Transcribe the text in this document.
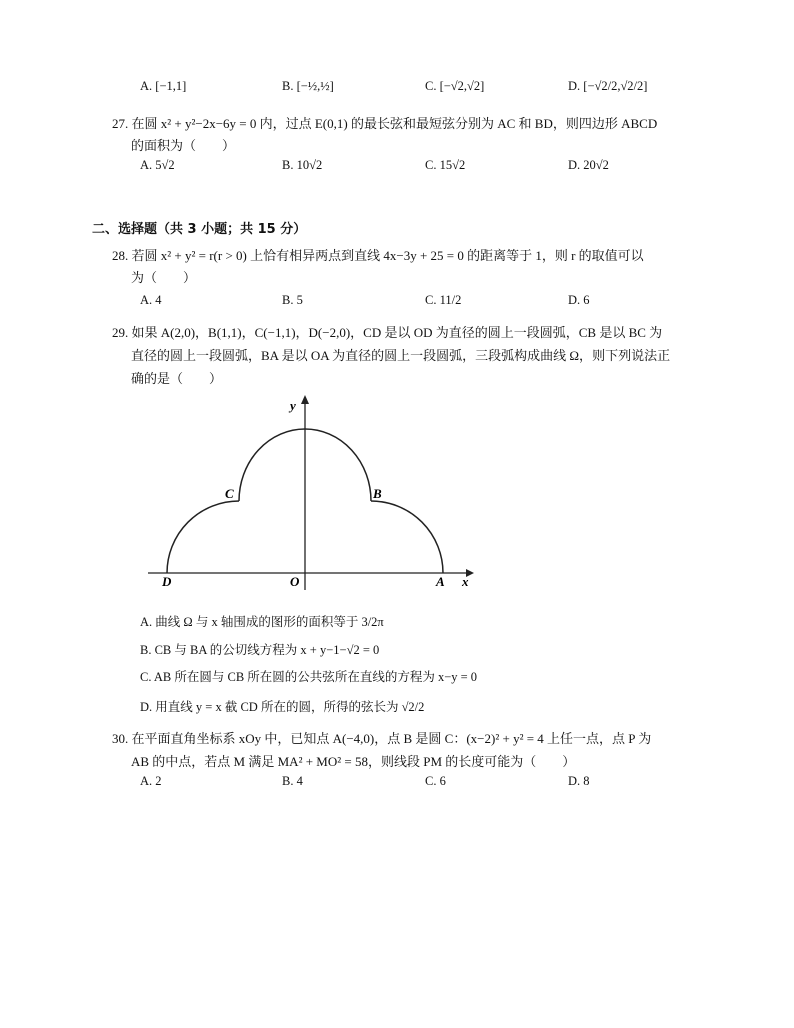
A. [−1,1]	B. [−½,½]	C. [−√2,√2]	D. [−√2/2,√2/2]
27. 在圆 x² + y²−2x−6y = 0 内，过点 E(0,1) 的最长弦和最短弦分别为 AC 和 BD，则四边形 ABCD
的面积为（　　）
A. 5√2	B. 10√2	C. 15√2	D. 20√2
二、选择题（共 3 小题；共 15 分）
28. 若圆 x² + y² = r(r > 0) 上恰有相异两点到直线 4x−3y + 25 = 0 的距离等于 1，则 r 的取值可以
为（　　）
A. 4	B. 5	C. 11/2	D. 6
29. 如果 A(2,0)，B(1,1)，C(−1,1)，D(−2,0)，CD 是以 OD 为直径的圆上一段圆弧，CB 是以 BC 为
直径的圆上一段圆弧，BA 是以 OA 为直径的圆上一段圆弧，三段弧构成曲线 Ω，则下列说法正
确的是（　　）
y
x
O	A
B
C
D
A. 曲线 Ω 与 x 轴围成的图形的面积等于 3/2π
B. CB 与 BA 的公切线方程为 x + y−1−√2 = 0
C. AB 所在圆与 CB 所在圆的公共弦所在直线的方程为 x−y = 0
D. 用直线 y = x 截 CD 所在的圆，所得的弦长为 √2/2
30. 在平面直角坐标系 xOy 中，已知点 A(−4,0)，点 B 是圆 C：(x−2)² + y² = 4 上任一点，点 P 为
AB 的中点，若点 M 满足 MA² + MO² = 58，则线段 PM 的长度可能为（　　）
A. 2	B. 4	C. 6	D. 8
